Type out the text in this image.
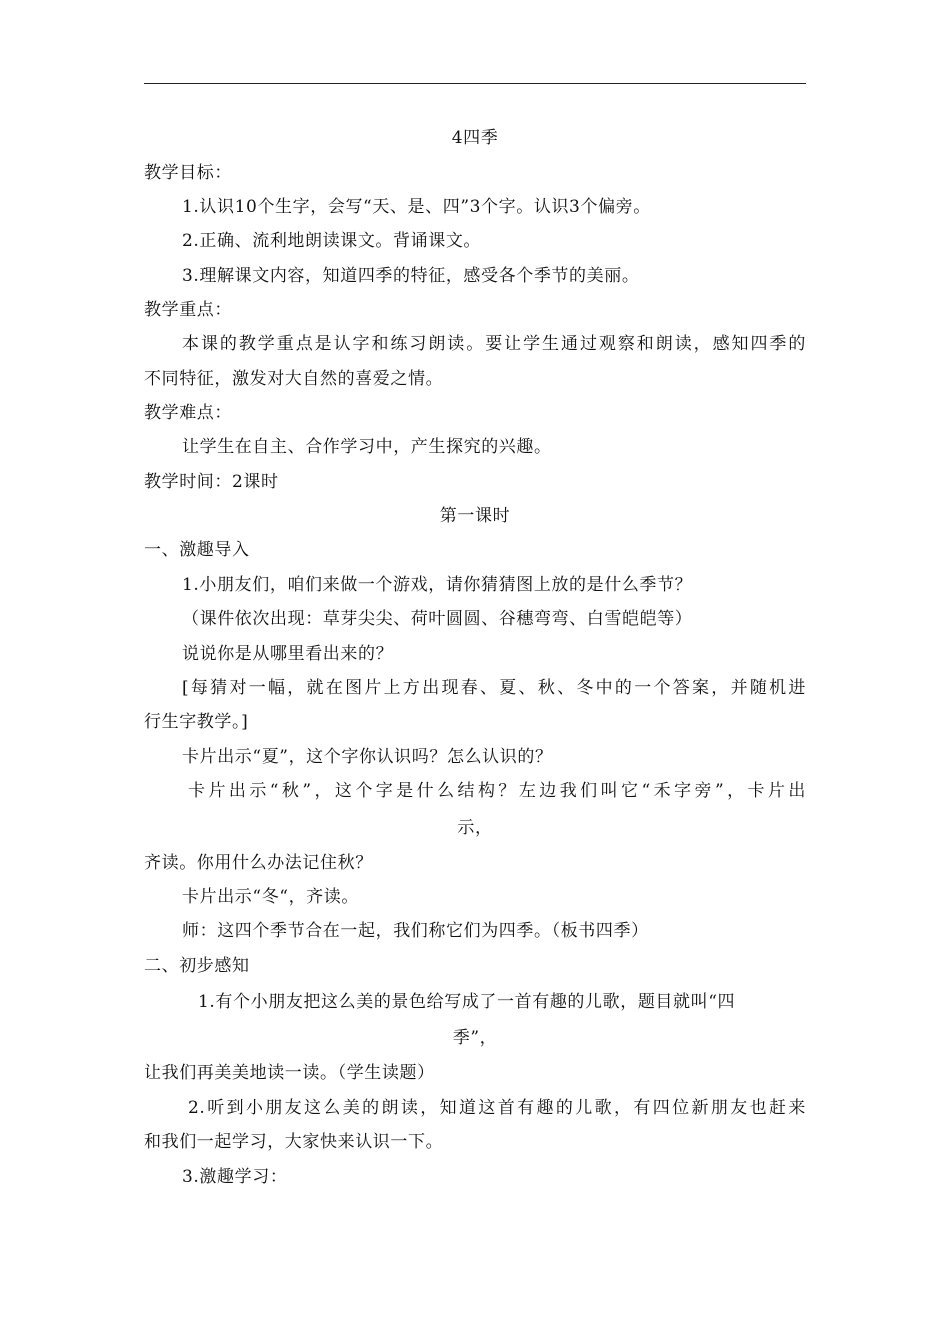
4四季
教学目标：
1.认识10个生字，会写“天、是、四”3个字。认识3个偏旁。
2.正确、流利地朗读课文。背诵课文。
3.理解课文内容，知道四季的特征，感受各个季节的美丽。
教学重点：
本课的教学重点是认字和练习朗读。要让学生通过观察和朗读，感知四季的
不同特征，激发对大自然的喜爱之情。
教学难点：
让学生在自主、合作学习中，产生探究的兴趣。
教学时间：2课时
第一课时
一、激趣导入
1.小朋友们，咱们来做一个游戏，请你猜猜图上放的是什么季节？
（课件依次出现：草芽尖尖、荷叶圆圆、谷穗弯弯、白雪皑皑等）
说说你是从哪里看出来的？
[每猜对一幅，就在图片上方出现春、夏、秋、冬中的一个答案，并随机进
行生字教学。]
卡片出示“夏”，这个字你认识吗？怎么认识的？
卡片出示“秋”，这个字是什么结构？左边我们叫它“禾字旁”，卡片出
示，
齐读。你用什么办法记住秋？
卡片出示“冬“，齐读。
师：这四个季节合在一起，我们称它们为四季。（板书四季）
二、初步感知
1.有个小朋友把这么美的景色给写成了一首有趣的儿歌，题目就叫“四
季”，
让我们再美美地读一读。（学生读题）
2.听到小朋友这么美的朗读，知道这首有趣的儿歌，有四位新朋友也赶来
和我们一起学习，大家快来认识一下。
3.激趣学习：
